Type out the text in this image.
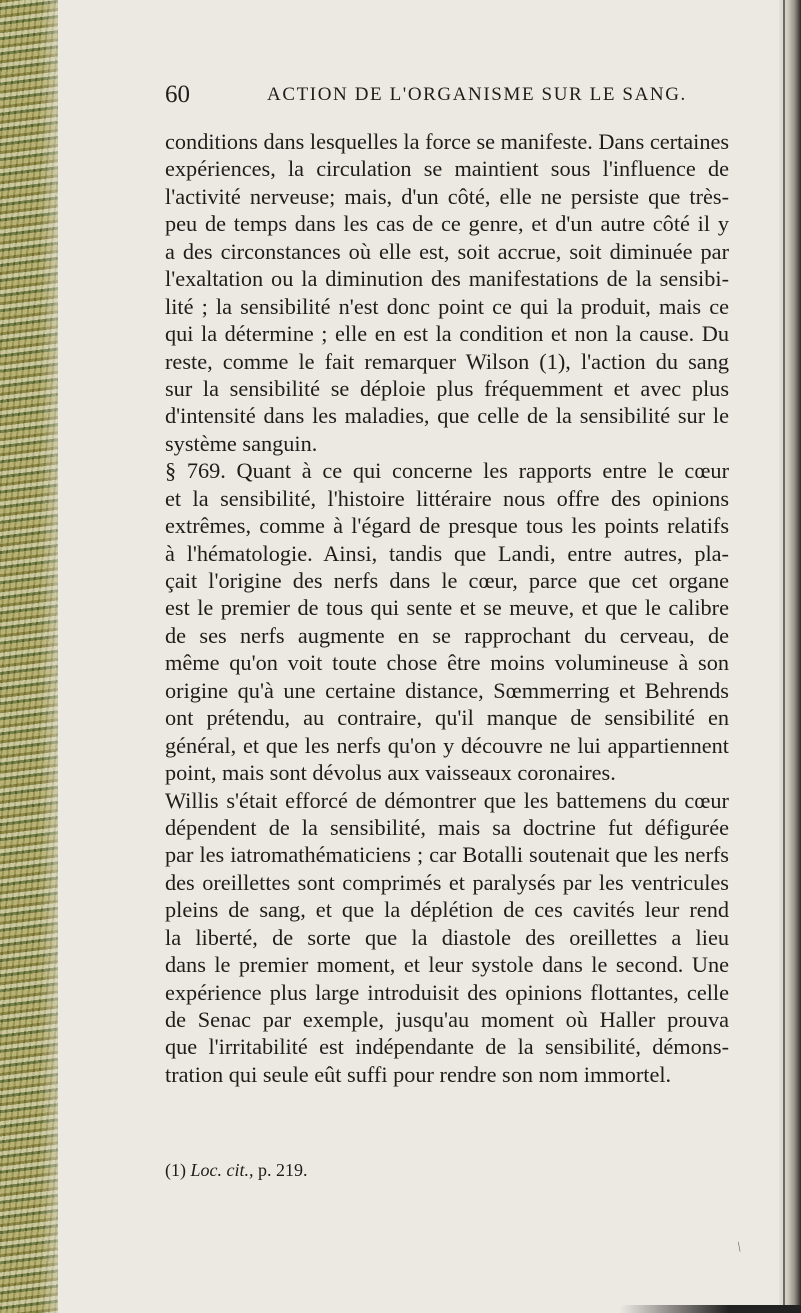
60	ACTION DE L'ORGANISME SUR LE SANG.
conditions dans lesquelles la force se manifeste. Dans certaines
expériences, la circulation se maintient sous l'influence de
l'activité nerveuse; mais, d'un côté, elle ne persiste que très-
peu de temps dans les cas de ce genre, et d'un autre côté il y
a des circonstances où elle est, soit accrue, soit diminuée par
l'exaltation ou la diminution des manifestations de la sensibi-
lité ; la sensibilité n'est donc point ce qui la produit, mais ce
qui la détermine ; elle en est la condition et non la cause. Du
reste, comme le fait remarquer Wilson (1), l'action du sang
sur la sensibilité se déploie plus fréquemment et avec plus
d'intensité dans les maladies, que celle de la sensibilité sur le
système sanguin.
§ 769. Quant à ce qui concerne les rapports entre le cœur
et la sensibilité, l'histoire littéraire nous offre des opinions
extrêmes, comme à l'égard de presque tous les points relatifs
à l'hématologie. Ainsi, tandis que Landi, entre autres, pla-
çait l'origine des nerfs dans le cœur, parce que cet organe
est le premier de tous qui sente et se meuve, et que le calibre
de ses nerfs augmente en se rapprochant du cerveau, de
même qu'on voit toute chose être moins volumineuse à son
origine qu'à une certaine distance, Sœmmerring et Behrends
ont prétendu, au contraire, qu'il manque de sensibilité en
général, et que les nerfs qu'on y découvre ne lui appartiennent
point, mais sont dévolus aux vaisseaux coronaires.
Willis s'était efforcé de démontrer que les battemens du cœur
dépendent de la sensibilité, mais sa doctrine fut défigurée
par les iatromathématiciens ; car Botalli soutenait que les nerfs
des oreillettes sont comprimés et paralysés par les ventricules
pleins de sang, et que la déplétion de ces cavités leur rend
la liberté, de sorte que la diastole des oreillettes a lieu
dans le premier moment, et leur systole dans le second. Une
expérience plus large introduisit des opinions flottantes, celle
de Senac par exemple, jusqu'au moment où Haller prouva
que l'irritabilité est indépendante de la sensibilité, démons-
tration qui seule eût suffi pour rendre son nom immortel.
(1) Loc. cit., p. 219.
/
